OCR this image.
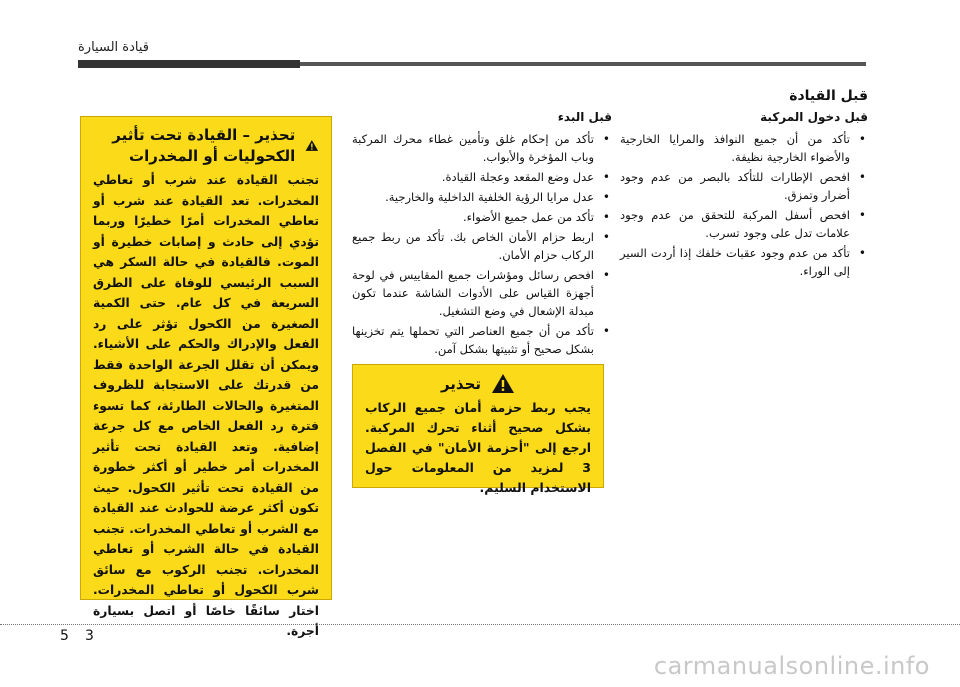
قيادة السيارة
قبل القيادة
قبل دخول المركبة
• تأكد من أن جميع النوافذ والمرايا الخارجية والأضواء الخارجية نظيفة.
• افحص الإطارات للتأكد بالبصر من عدم وجود أضرار وتمزق.
• افحص أسفل المركبة للتحقق من عدم وجود علامات تدل على وجود تسرب.
• تأكد من عدم وجود عقبات خلفك إذا أردت السير إلى الوراء.
قبل البدء
• تأكد من إحكام غلق وتأمين غطاء محرك المركبة وباب المؤخرة والأبواب.
• عدل وضع المقعد وعجلة القيادة.
• عدل مرايا الرؤية الخلفية الداخلية والخارجية.
• تأكد من عمل جميع الأضواء.
• اربط حزام الأمان الخاص بك. تأكد من ربط جميع الركاب حزام الأمان.
• افحص رسائل ومؤشرات جميع المقاييس في لوحة أجهزة القياس على الأدوات الشاشة عندما تكون مبدلة الإشعال في وضع التشغيل.
• تأكد من أن جميع العناصر التي تحملها يتم تخزينها بشكل صحيح أو تثبيتها بشكل آمن.
تحذير
يجب ربط حزمة أمان جميع الركاب بشكل صحيح أثناء تحرك المركبة. ارجع إلى "أحزمة الأمان" في الفصل 3 لمزيد من المعلومات حول الاستخدام السليم.
تحذير – القيادة تحت تأثير الكحوليات أو المخدرات
تجنب القيادة عند شرب أو تعاطي المخدرات. تعد القيادة عند شرب أو تعاطي المخدرات أمرًا خطيرًا وربما تؤدي إلى حادث و إصابات خطيرة أو الموت. فالقيادة في حالة السكر هي السبب الرئيسي للوفاة على الطرق السريعة في كل عام. حتى الكمية الصغيرة من الكحول تؤثر على رد الفعل والإدراك والحكم على الأشياء. ويمكن أن تقلل الجرعة الواحدة فقط من قدرتك على الاستجابة للظروف المتغيرة والحالات الطارئة، كما تسوء فترة رد الفعل الخاص مع كل جرعة إضافية. وتعد القيادة تحت تأثير المخدرات أمر خطير أو أكثر خطورة من القيادة تحت تأثير الكحول. حيث تكون أكثر عرضة للحوادث عند القيادة مع الشرب أو تعاطي المخدرات. تجنب القيادة في حالة الشرب أو تعاطي المخدرات. تجنب الركوب مع سائق شرب الكحول أو تعاطي المخدرات. اختار سائقًا خاصًا أو اتصل بسيارة أجرة.
3
5
carmanualsonline.info
